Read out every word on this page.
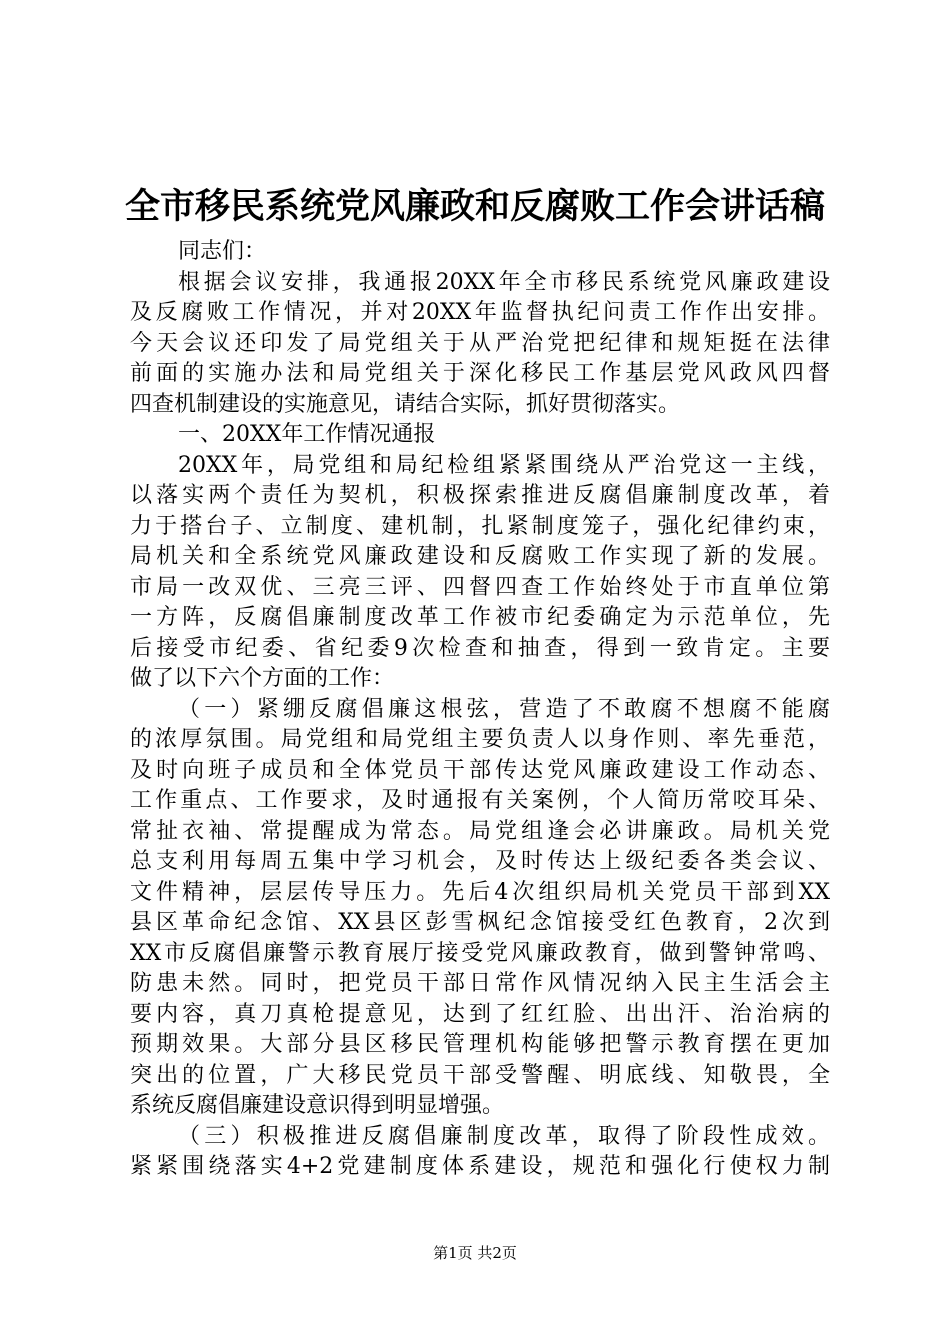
全市移民系统党风廉政和反腐败工作会讲话稿
同志们：
根据会议安排，我通报20XX年全市移民系统党风廉政建设
及反腐败工作情况，并对20XX年监督执纪问责工作作出安排。
今天会议还印发了局党组关于从严治党把纪律和规矩挺在法律
前面的实施办法和局党组关于深化移民工作基层党风政风四督
四查机制建设的实施意见，请结合实际，抓好贯彻落实。
一、20XX年工作情况通报
20XX年，局党组和局纪检组紧紧围绕从严治党这一主线，
以落实两个责任为契机，积极探索推进反腐倡廉制度改革，着
力于搭台子、立制度、建机制，扎紧制度笼子，强化纪律约束，
局机关和全系统党风廉政建设和反腐败工作实现了新的发展。
市局一改双优、三亮三评、四督四查工作始终处于市直单位第
一方阵，反腐倡廉制度改革工作被市纪委确定为示范单位，先
后接受市纪委、省纪委9次检查和抽查，得到一致肯定。主要
做了以下六个方面的工作：
（一）紧绷反腐倡廉这根弦，营造了不敢腐不想腐不能腐
的浓厚氛围。局党组和局党组主要负责人以身作则、率先垂范，
及时向班子成员和全体党员干部传达党风廉政建设工作动态、
工作重点、工作要求，及时通报有关案例，个人简历常咬耳朵、
常扯衣袖、常提醒成为常态。局党组逢会必讲廉政。局机关党
总支利用每周五集中学习机会，及时传达上级纪委各类会议、
文件精神，层层传导压力。先后4次组织局机关党员干部到XX
县区革命纪念馆、XX县区彭雪枫纪念馆接受红色教育，2次到
XX市反腐倡廉警示教育展厅接受党风廉政教育，做到警钟常鸣、
防患未然。同时，把党员干部日常作风情况纳入民主生活会主
要内容，真刀真枪提意见，达到了红红脸、出出汗、治治病的
预期效果。大部分县区移民管理机构能够把警示教育摆在更加
突出的位置，广大移民党员干部受警醒、明底线、知敬畏，全
系统反腐倡廉建设意识得到明显增强。
（三）积极推进反腐倡廉制度改革，取得了阶段性成效。
紧紧围绕落实4+2党建制度体系建设，规范和强化行使权力制
第1页 共2页
